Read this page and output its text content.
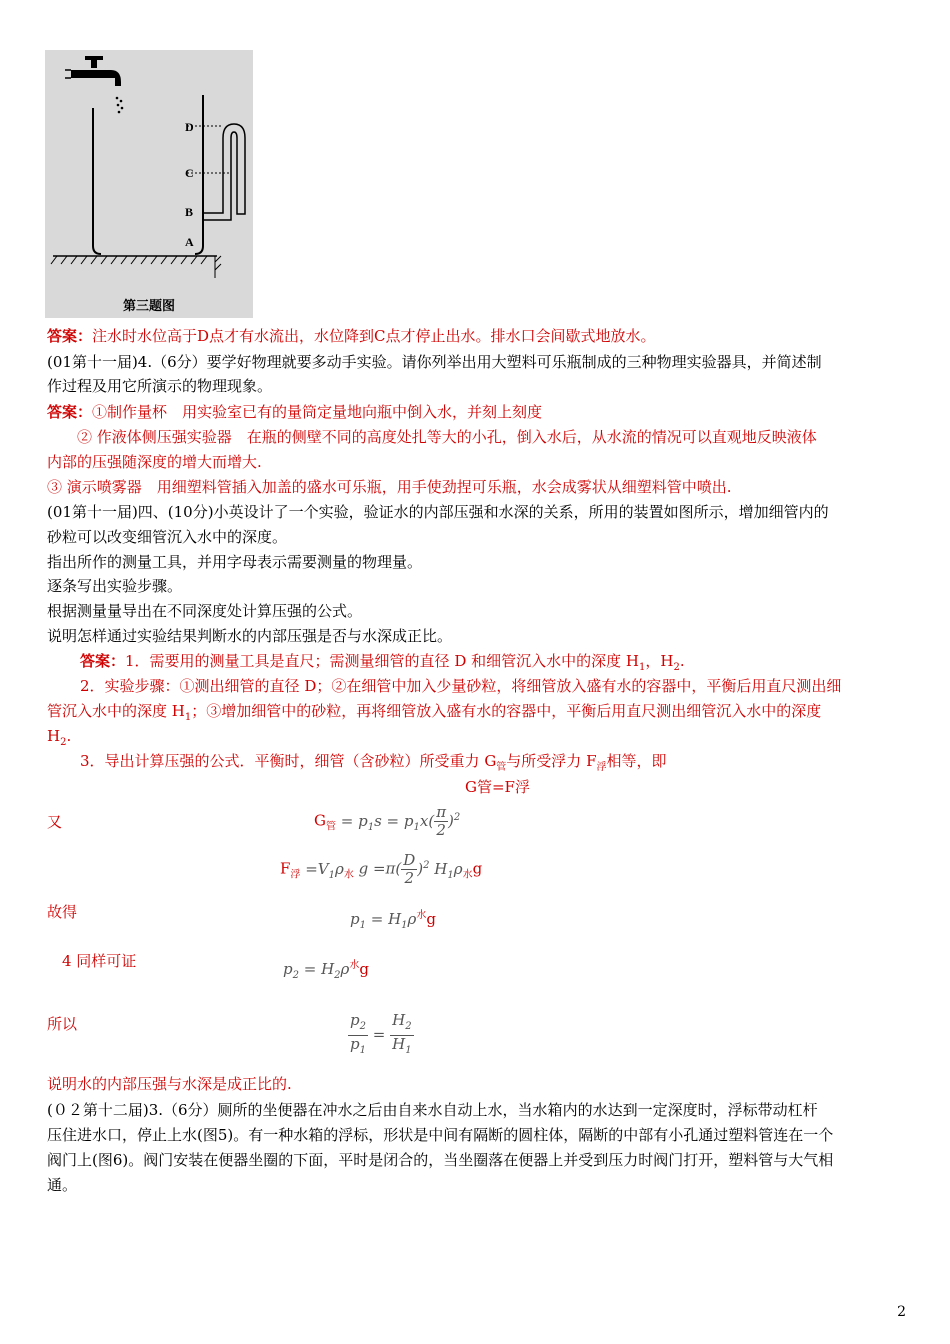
D
C
B
A
第三题图
答案：注水时水位高于D点才有水流出，水位降到C点才停止出水。排水口会间歇式地放水。
(01第十一届)4.（6分）要学好物理就要多动手实验。请你列举出用大塑料可乐瓶制成的三种物理实验器具，并简述制
作过程及用它所演示的物理现象。
答案：①制作量杯　用实验室已有的量筒定量地向瓶中倒入水，并刻上刻度
② 作液体侧压强实验器　在瓶的侧壁不同的高度处扎等大的小孔，倒入水后，从水流的情况可以直观地反映液体
内部的压强随深度的增大而增大.
③ 演示喷雾器　用细塑料管插入加盖的盛水可乐瓶，用手使劲捏可乐瓶，水会成雾状从细塑料管中喷出.
(01第十一届)四、(10分)小英设计了一个实验，验证水的内部压强和水深的关系，所用的装置如图所示，增加细管内的
砂粒可以改变细管沉入水中的深度。
指出所作的测量工具，并用字母表示需要测量的物理量。
逐条写出实验步骤。
根据测量量导出在不同深度处计算压强的公式。
说明怎样通过实验结果判断水的内部压强是否与水深成正比。
答案：1．需要用的测量工具是直尺；需测量细管的直径 D 和细管沉入水中的深度 $H_1$，$H_2$.
2．实验步骤：①测出细管的直径 D；②在细管中加入少量砂粒，将细管放入盛有水的容器中，平衡后用直尺测出细
管沉入水中的深度 $H_1$；③增加细管中的砂粒，再将细管放入盛有水的容器中，平衡后用直尺测出细管沉入水中的深度
$H_2$.
3．导出计算压强的公式．平衡时，细管（含砂粒）所受重力 $G_管$与所受浮力 $F_浮$相等，即
G管=F浮
又	$G_管 = p_1s = p_1x( \frac{\pi}{2} )^2$
$F_浮 =V_1\rho_水$ $g =\pi( \frac{D}{2} )^2$ $H_1\rho_水g$
故得	$p_1 = H_1\rho^水g$
4 同样可证	$p_2 = H_2\rho^水g$
所以	$\frac{p_2}{p_1} = \frac{H_2}{H_1}$
说明水的内部压强与水深是成正比的.
(０２第十二届)3.（6分）厕所的坐便器在冲水之后由自来水自动上水，当水箱内的水达到一定深度时，浮标带动杠杆
压住进水口，停止上水(图5)。有一种水箱的浮标，形状是中间有隔断的圆柱体，隔断的中部有小孔通过塑料管连在一个
阀门上(图6)。阀门安装在便器坐圈的下面，平时是闭合的，当坐圈落在便器上并受到压力时阀门打开，塑料管与大气相
通。
2
